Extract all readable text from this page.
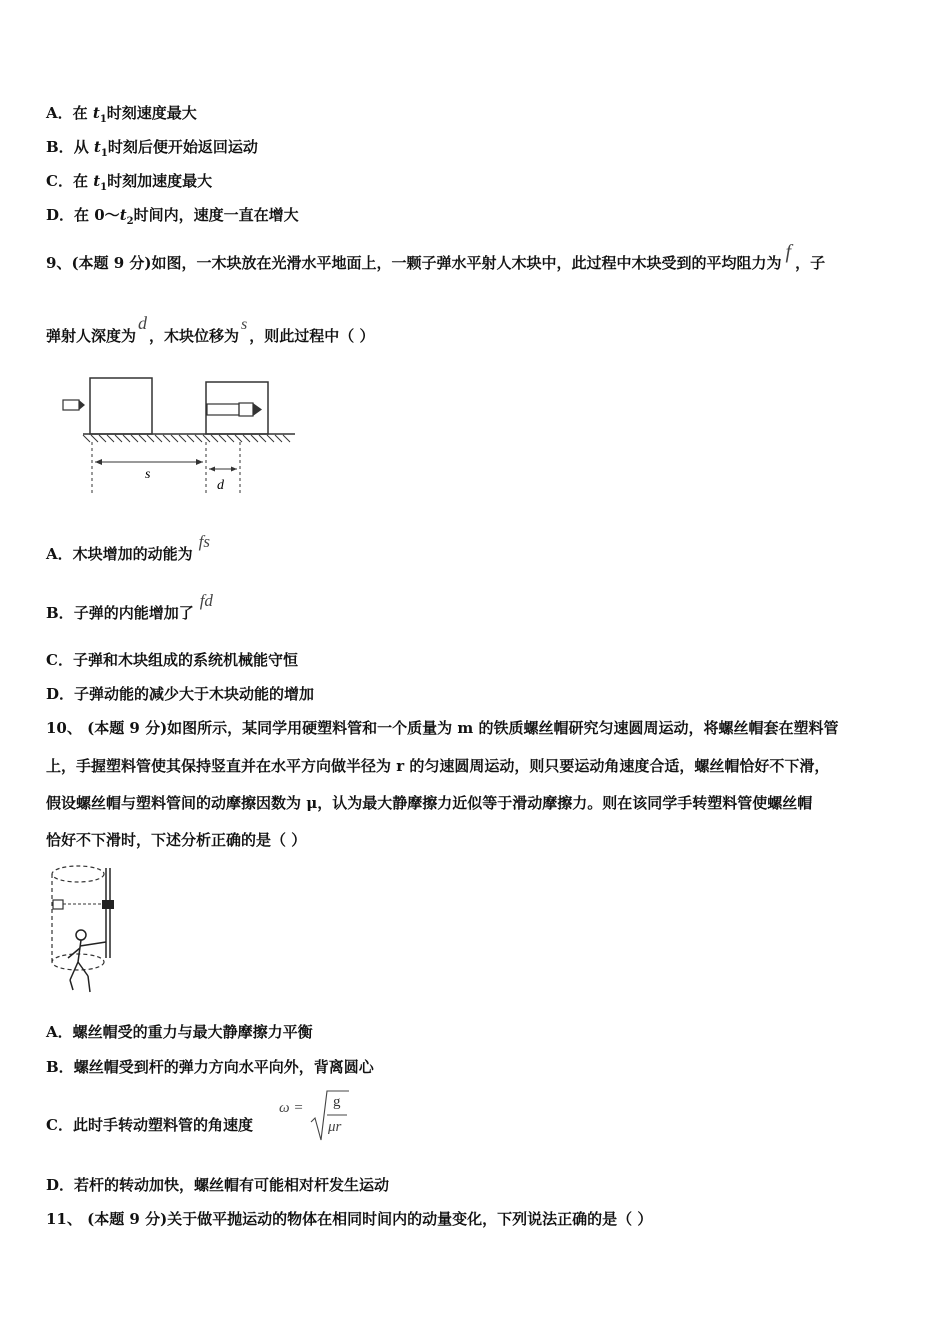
A．在 $t_1$时刻速度最大
B．从 $t_1$时刻后便开始返回运动
C．在 $t_1$时刻加速度最大
D．在 $0\sim t_2$时间内，速度一直在增大
9、(本题 9 分)如图，一木块放在光滑水平地面上，一颗子弹水平射人木块中，此过程中木块受到的平均阻力为 f ，子
弹射人深度为d，木块位移为s，则此过程中（ ）
s
d
A．木块增加的动能为fs
B．子弹的内能增加了fd
C．子弹和木块组成的系统机械能守恒
D．子弹动能的减少大于木块动能的增加
10、 (本题 9 分)如图所示，某同学用硬塑料管和一个质量为 m 的铁质螺丝帽研究匀速圆周运动，将螺丝帽套在塑料管
上，手握塑料管使其保持竖直并在水平方向做半径为 r 的匀速圆周运动，则只要运动角速度合适，螺丝帽恰好不下滑，
假设螺丝帽与塑料管间的动摩擦因数为 μ，认为最大静摩擦力近似等于滑动摩擦力。则在该同学手转塑料管使螺丝帽
恰好不下滑时，下述分析正确的是（ ）
A．螺丝帽受的重力与最大静摩擦力平衡
B．螺丝帽受到杆的弹力方向水平向外，背离圆心
C．此时手转动塑料管的角速度
ω = g
μr
D．若杆的转动加快，螺丝帽有可能相对杆发生运动
11、 (本题 9 分)关于做平抛运动的物体在相同时间内的动量变化，下列说法正确的是（ ）
